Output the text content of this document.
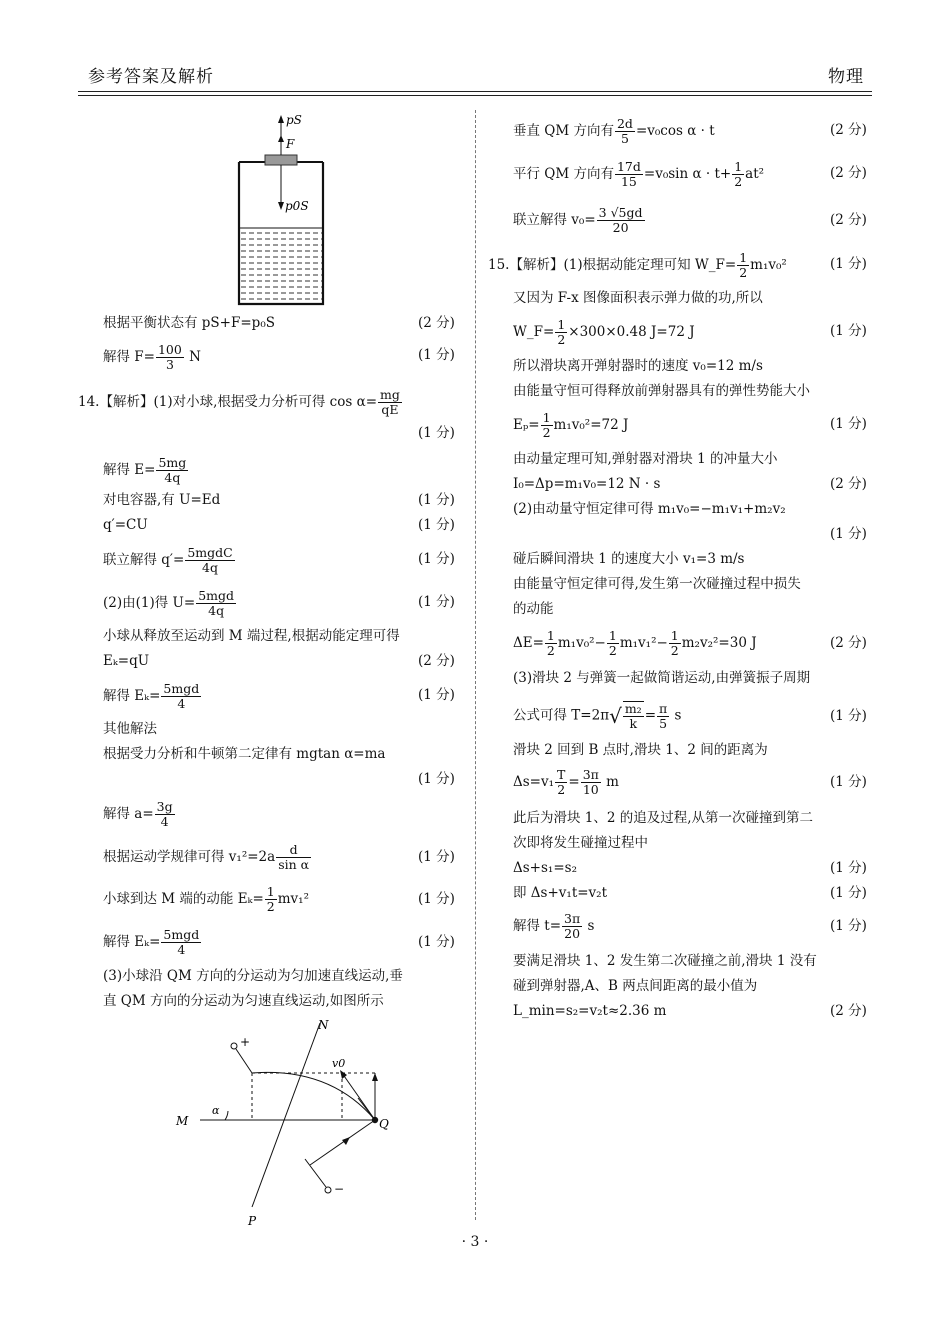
参考答案及解析	物理
pS
F
p0S
根据平衡状态有 pS+F=p₀S	(2 分)
解得 $F= \frac{100}{3}$ N	(1 分)
14.【解析】(1)对小球,根据受力分析可得 $\cos \alpha= \frac{mg}{qE}$
(1 分)
解得 $E= \frac{5mg}{4q}$
对电容器,有 U=Ed	(1 分)
q′=CU	(1 分)
联立解得 q′= 5mgdC
4q
(1 分)
(2)由(1)得 U= 5mgd
4q
(1 分)
小球从释放至运动到 M 端过程,根据动能定理可得
Eₖ=qU	(2 分)
解得 Eₖ= 5mgd
4
(1 分)
其他解法
根据受力分析和牛顿第二定律有 mgtan α=ma
(1 分)
解得 $a= \frac{3g}{4}$
根据运动学规律可得 $v_1^2=2a \frac{d}{\text{sin α}}$	(1 分)
小球到达 M 端的动能 $E_k= \frac{1}{2} mv_1^2$	(1 分)
解得 Eₖ= 5mgd
4	(1 分)
(3)小球沿 QM 方向的分运动为匀加速直线运动,垂
直 QM 方向的分运动为匀速直线运动,如图所示
N
+
v0
M
α
Q
−
P
垂直 QM 方向有 $\frac{2d}{5} =v_0\cos$ α · t	(2 分)
平行 QM 方向有 $\frac{17d}{15} =v_0\sin$ $\alpha \cdot t+ \frac{1}{2} at^2$	(2 分)
联立解得 $v_0= \frac{3 √5gd}{20}$	(2 分)
15.【解析】(1)根据动能定理可知 W_F= $\frac{1}{2} m_1v_0^2$	(1 分)
又因为 F-x 图像面积表示弹力做的功,所以
W_F= $\frac{1}{2} \times 300\times 0.48$ J=72 J	(1 分)
所以滑块离开弹射器时的速度 v₀=12 m/s
由能量守恒可得释放前弹射器具有的弹性势能大小
$E_p= \frac{1}{2} m_1v_0^2=72$ J	(1 分)
由动量定理可知,弹射器对滑块 1 的冲量大小
I₀=Δp=m₁v₀=12 N · s	(2 分)
(2)由动量守恒定律可得 m₁v₀=−m₁v₁+m₂v₂
(1 分)
碰后瞬间滑块 1 的速度大小 v₁=3 m/s
由能量守恒定律可得,发生第一次碰撞过程中损失
的动能
$\Delta E= \frac{1}{2} m_1v_0^2- \frac{1}{2} m_1v_1^2- \frac{1}{2} m_2v_2^2=30$ J	(2 分)
(3)滑块 2 与弹簧一起做简谐运动,由弹簧振子周期
公式可得 $T=2\pi√ \frac{\text{m₂}}{k} = \frac{\pi}{5}$ s	(1 分)
滑块 2 回到 B 点时,滑块 1、2 间的距离为
$\Delta s=v_1 \frac{T}{2} = \frac{3\pi}{10}$ m	(1 分)
此后为滑块 1、2 的追及过程,从第一次碰撞到第二
次即将发生碰撞过程中
Δs+s₁=s₂	(1 分)
即 Δs+v₁t=v₂t	(1 分)
解得 $t= \frac{3\pi}{20}$ s	(1 分)
要满足滑块 1、2 发生第二次碰撞之前,滑块 1 没有
碰到弹射器,A、B 两点间距离的最小值为
L_min=s₂=v₂t≈2.36 m	(2 分)
· 3 ·
